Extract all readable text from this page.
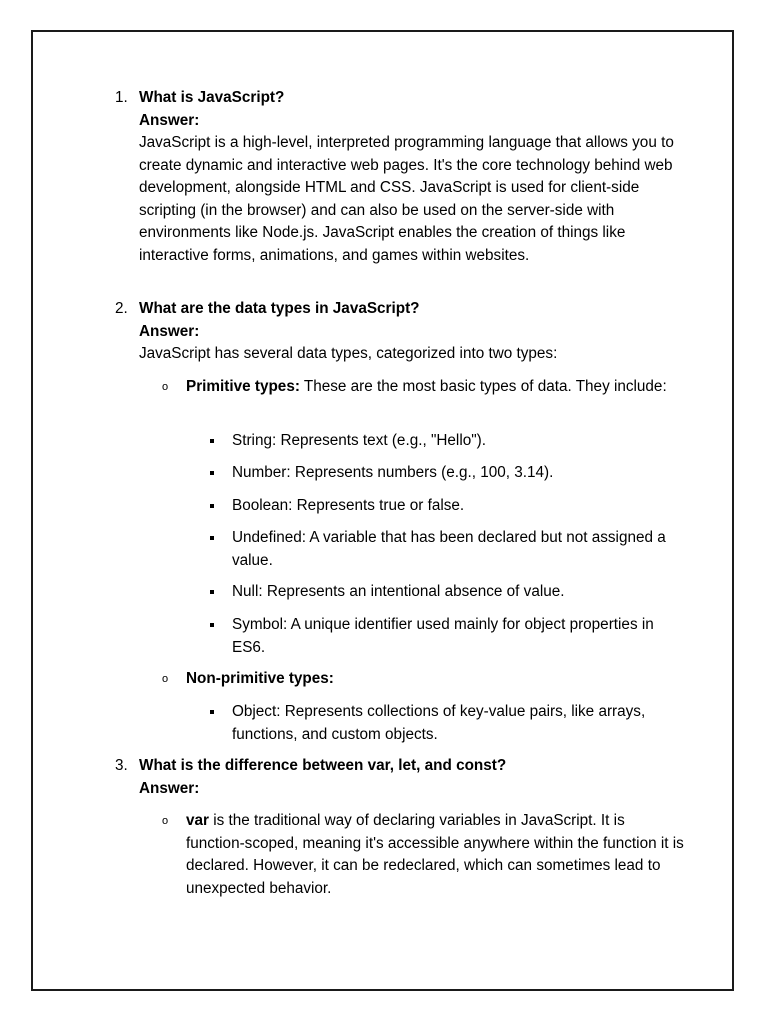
1. What is JavaScript?
Answer:

JavaScript is a high-level, interpreted programming language that allows you to create dynamic and interactive web pages. It's the core technology behind web development, alongside HTML and CSS. JavaScript is used for client-side scripting (in the browser) and can also be used on the server-side with environments like Node.js. JavaScript enables the creation of things like interactive forms, animations, and games within websites.

2. What are the data types in JavaScript?
Answer:

JavaScript has several data types, categorized into two types:

o Primitive types: These are the most basic types of data. They include:
String: Represents text (e.g., "Hello").
Number: Represents numbers (e.g., 100, 3.14).
Boolean: Represents true or false.
Undefined: A variable that has been declared but not assigned a value.
Null: Represents an intentional absence of value.
Symbol: A unique identifier used mainly for object properties in ES6.
o Non-primitive types:
Object: Represents collections of key-value pairs, like arrays, functions, and custom objects.
3. What is the difference between var, let, and const?
Answer:
o var is the traditional way of declaring variables in JavaScript. It is function-scoped, meaning it's accessible anywhere within the function it is declared. However, it can be redeclared, which can sometimes lead to unexpected behavior.
